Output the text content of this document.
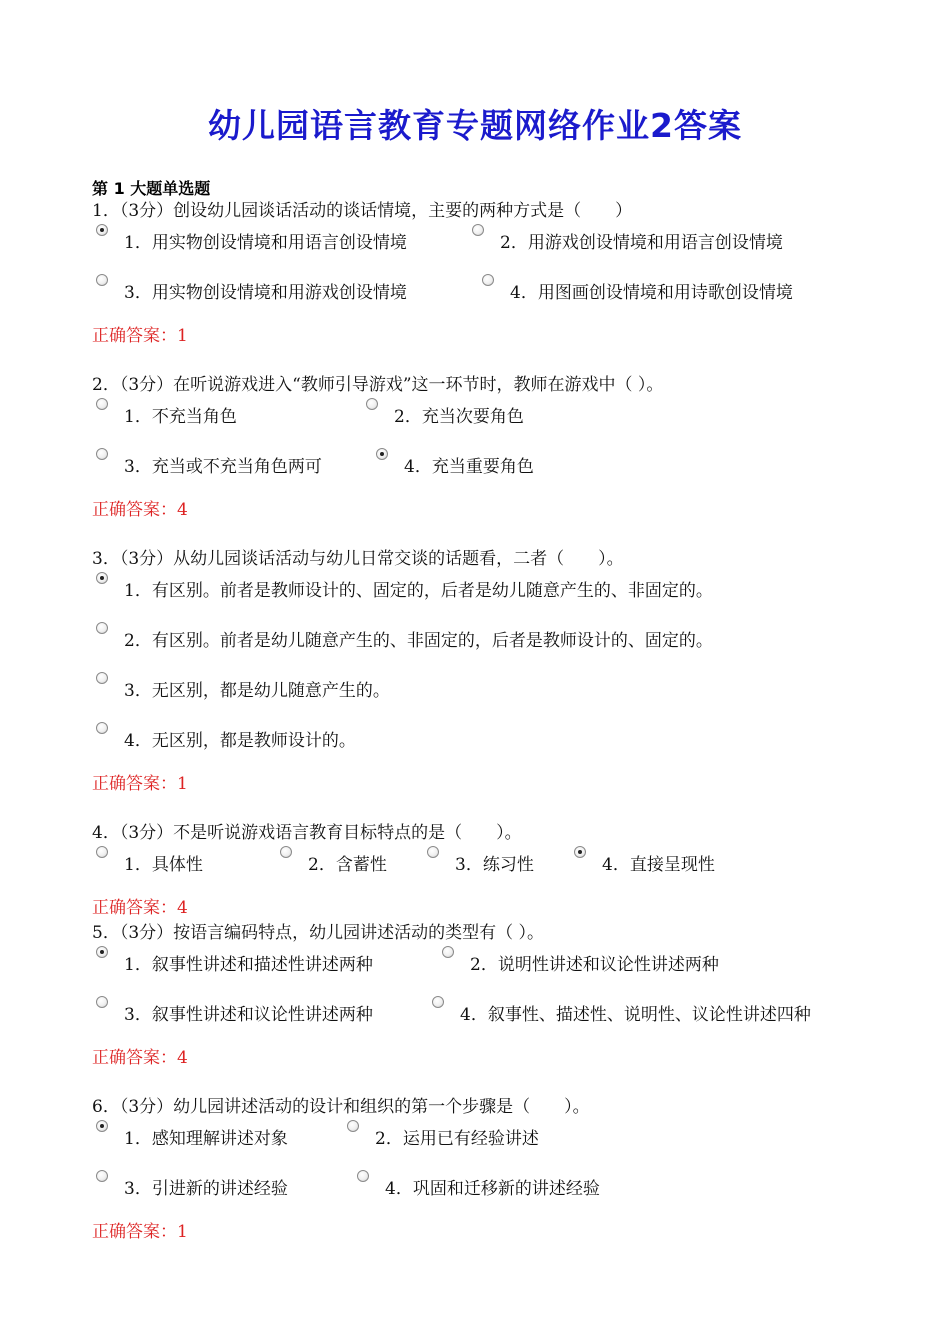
幼儿园语言教育专题网络作业2答案
第 1 大题单选题
1．（3分）创设幼儿园谈话活动的谈话情境，主要的两种方式是（　　）
1．用实物创设情境和用语言创设情境	2．用游戏创设情境和用语言创设情境
3．用实物创设情境和用游戏创设情境	4．用图画创设情境和用诗歌创设情境
正确答案：1
2．（3分）在听说游戏进入“教师引导游戏”这一环节时，教师在游戏中（ ）。
1．不充当角色	2．充当次要角色
3．充当或不充当角色两可	4．充当重要角色
正确答案：4
3．（3分）从幼儿园谈话活动与幼儿日常交谈的话题看，二者（　　）。
1．有区别。前者是教师设计的、固定的，后者是幼儿随意产生的、非固定的。
2．有区别。前者是幼儿随意产生的、非固定的，后者是教师设计的、固定的。
3．无区别，都是幼儿随意产生的。
4．无区别，都是教师设计的。
正确答案：1
4．（3分）不是听说游戏语言教育目标特点的是（　　）。
1．具体性	2．含蓄性	3．练习性	4．直接呈现性
正确答案：4
5．（3分）按语言编码特点，幼儿园讲述活动的类型有（ ）。
1．叙事性讲述和描述性讲述两种	2．说明性讲述和议论性讲述两种
3．叙事性讲述和议论性讲述两种	4．叙事性、描述性、说明性、议论性讲述四种
正确答案：4
6．（3分）幼儿园讲述活动的设计和组织的第一个步骤是（　　）。
1．感知理解讲述对象	2．运用已有经验讲述
3．引进新的讲述经验	4．巩固和迁移新的讲述经验
正确答案：1
